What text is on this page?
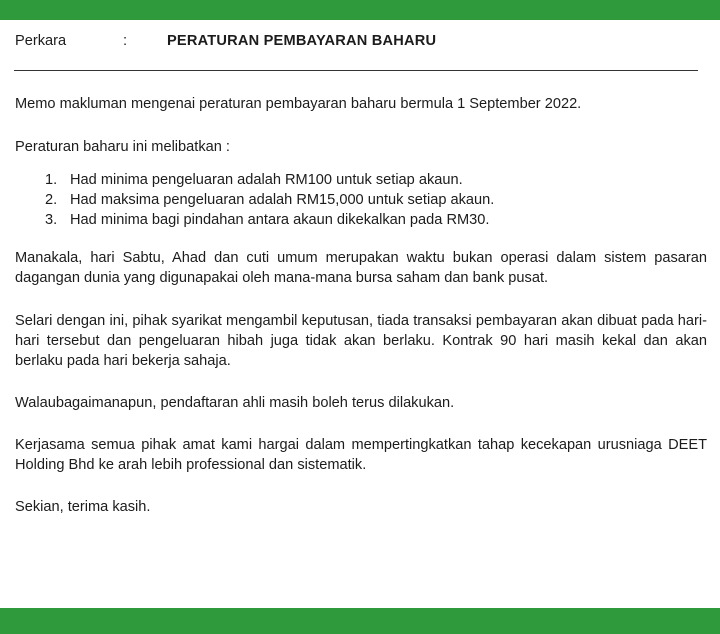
Perkara	:	PERATURAN PEMBAYARAN BAHARU

Memo makluman mengenai peraturan pembayaran baharu bermula 1 September 2022.

Peraturan baharu ini melibatkan :

1. Had minima pengeluaran adalah RM100 untuk setiap akaun.
2. Had maksima pengeluaran adalah RM15,000 untuk setiap akaun.
3. Had minima bagi pindahan antara akaun dikekalkan pada RM30.

Manakala, hari Sabtu, Ahad dan cuti umum merupakan waktu bukan operasi dalam sistem pasaran dagangan dunia yang digunapakai oleh mana-mana bursa saham dan bank pusat.

Selari dengan ini, pihak syarikat mengambil keputusan, tiada transaksi pembayaran akan dibuat pada hari-hari tersebut dan pengeluaran hibah juga tidak akan berlaku. Kontrak 90 hari masih kekal dan akan berlaku pada hari bekerja sahaja.

Walaubagaimanapun, pendaftaran ahli masih boleh terus dilakukan.

Kerjasama semua pihak amat kami hargai dalam mempertingkatkan tahap kecekapan urusniaga DEET Holding Bhd ke arah lebih professional dan sistematik.

Sekian, terima kasih.
